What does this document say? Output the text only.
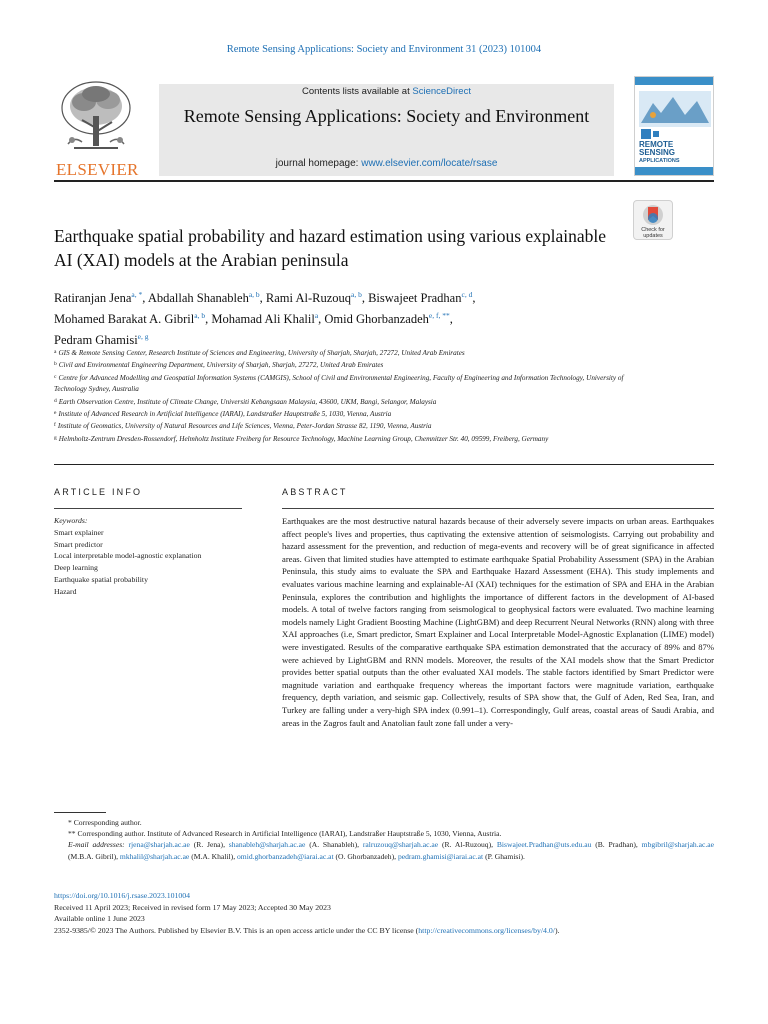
Remote Sensing Applications: Society and Environment 31 (2023) 101004
ELSEVIER
Contents lists available at ScienceDirect
Remote Sensing Applications: Society and Environment
journal homepage: www.elsevier.com/locate/rsase
REMOTE
SENSING
APPLICATIONS
Check for
updates
Earthquake spatial probability and hazard estimation using various explainable AI (XAI) models at the Arabian peninsula
Ratiranjan Jena$^{a, *}$, Abdallah Shanableh$^{a, b}$, Rami Al-Ruzouq$^{a, b}$, Biswajeet Pradhan$^{c, d}$,
Mohamed Barakat A. Gibril$^{a, b}$, Mohamad Ali Khalil$^a$, Omid Ghorbanzadeh$^{e, f, **}$,
Pedram Ghamisi$^{e, g}$
$^a$ GIS & Remote Sensing Center, Research Institute of Sciences and Engineering, University of Sharjah, Sharjah, 27272, United Arab Emirates
$^b$ Civil and Environmental Engineering Department, University of Sharjah, Sharjah, 27272, United Arab Emirates
$^c$ Centre for Advanced Modelling and Geospatial Information Systems (CAMGIS), School of Civil and Environmental Engineering, Faculty of Engineering and Information Technology, University of Technology Sydney, Australia
$^d$ Earth Observation Centre, Institute of Climate Change, Universiti Kebangsaan Malaysia, 43600, UKM, Bangi, Selangor, Malaysia
$^e$ Institute of Advanced Research in Artificial Intelligence (IARAI), Landstraßer Hauptstraße 5, 1030, Vienna, Austria
$^f$ Institute of Geomatics, University of Natural Resources and Life Sciences, Vienna, Peter-Jordan Strasse 82, 1190, Vienna, Austria
$^g$ Helmholtz-Zentrum Dresden-Rossendorf, Helmholtz Institute Freiberg for Resource Technology, Machine Learning Group, Chemnitzer Str. 40, 09599, Freiberg, Germany
ARTICLE INFO
Keywords:
Smart explainer
Smart predictor
Local interpretable model-agnostic explanation
Deep learning
Earthquake spatial probability
Hazard
ABSTRACT

Earthquakes are the most destructive natural hazards because of their adversely severe impacts on urban areas. Earthquakes affect people's lives and properties, thus captivating the extensive attention of seismologists. Carrying out probability and hazard assessment for the prevention, and reduction of mega-events and recovery will be of great significance in affected areas. Given that limited studies have attempted to estimate earthquake Spatial Probability Assessment (SPA) in the Arabian Peninsula, this study aims to evaluate the SPA and Earthquake Hazard Assessment (EHA). This study implements and evaluates various machine learning and explainable-AI (XAI) techniques for the estimation of SPA and EHA in the Arabian Peninsula, explores the contribution and highlights the importance of different factors in the development of AI-based models. A total of twelve factors ranging from seismological to geophysical factors were evaluated. Two machine learning models namely Light Gradient Boosting Machine (LightGBM) and deep Recurrent Neural Networks (RNN) along with three XAI approaches (i.e, Smart predictor, Smart Explainer and Local Interpretable Model-Agnostic Explanation (LIME) model) were investigated. Results of the comparative earthquake SPA estimation demonstrated that the accuracy of 89% and 87% were achieved by LightGBM and RNN models. Moreover, the results of the XAI models show that the Smart Predictor provides better spatial outputs than the other evaluated XAI models. The stable factors identified by Smart Predictor were magnitude variation and earthquake frequency whereas the important factors were magnitude variation, earthquake frequency, depth variation, and seismic gap. Collectively, results of SPA show that, the Gulf of Aden, Red Sea, Iran, and Turkey are falling under a very-high SPA index (0.991–1). Correspondingly, Gulf areas, coastal areas of Saudi Arabia, and areas in the Zagros fault and Anatolian fault zone fall under a very-

* Corresponding author.
** Corresponding author. Institute of Advanced Research in Artificial Intelligence (IARAI), Landstraßer Hauptstraße 5, 1030, Vienna, Austria.
E-mail addresses: rjena@sharjah.ac.ae (R. Jena), shanableh@sharjah.ac.ae (A. Shanableh), ralruzouq@sharjah.ac.ae (R. Al-Ruzouq), Biswajeet.Pradhan@uts.edu.au (B. Pradhan), mbgibril@sharjah.ac.ae (M.B.A. Gibril), mkhalil@sharjah.ac.ae (M.A. Khalil), omid.ghorbanzadeh@iarai.ac.at (O. Ghorbanzadeh), pedram.ghamisi@iarai.ac.at (P. Ghamisi).
https://doi.org/10.1016/j.rsase.2023.101004
Received 11 April 2023; Received in revised form 17 May 2023; Accepted 30 May 2023
Available online 1 June 2023
2352-9385/© 2023 The Authors. Published by Elsevier B.V. This is an open access article under the CC BY license (http://creativecommons.org/licenses/by/4.0/).
